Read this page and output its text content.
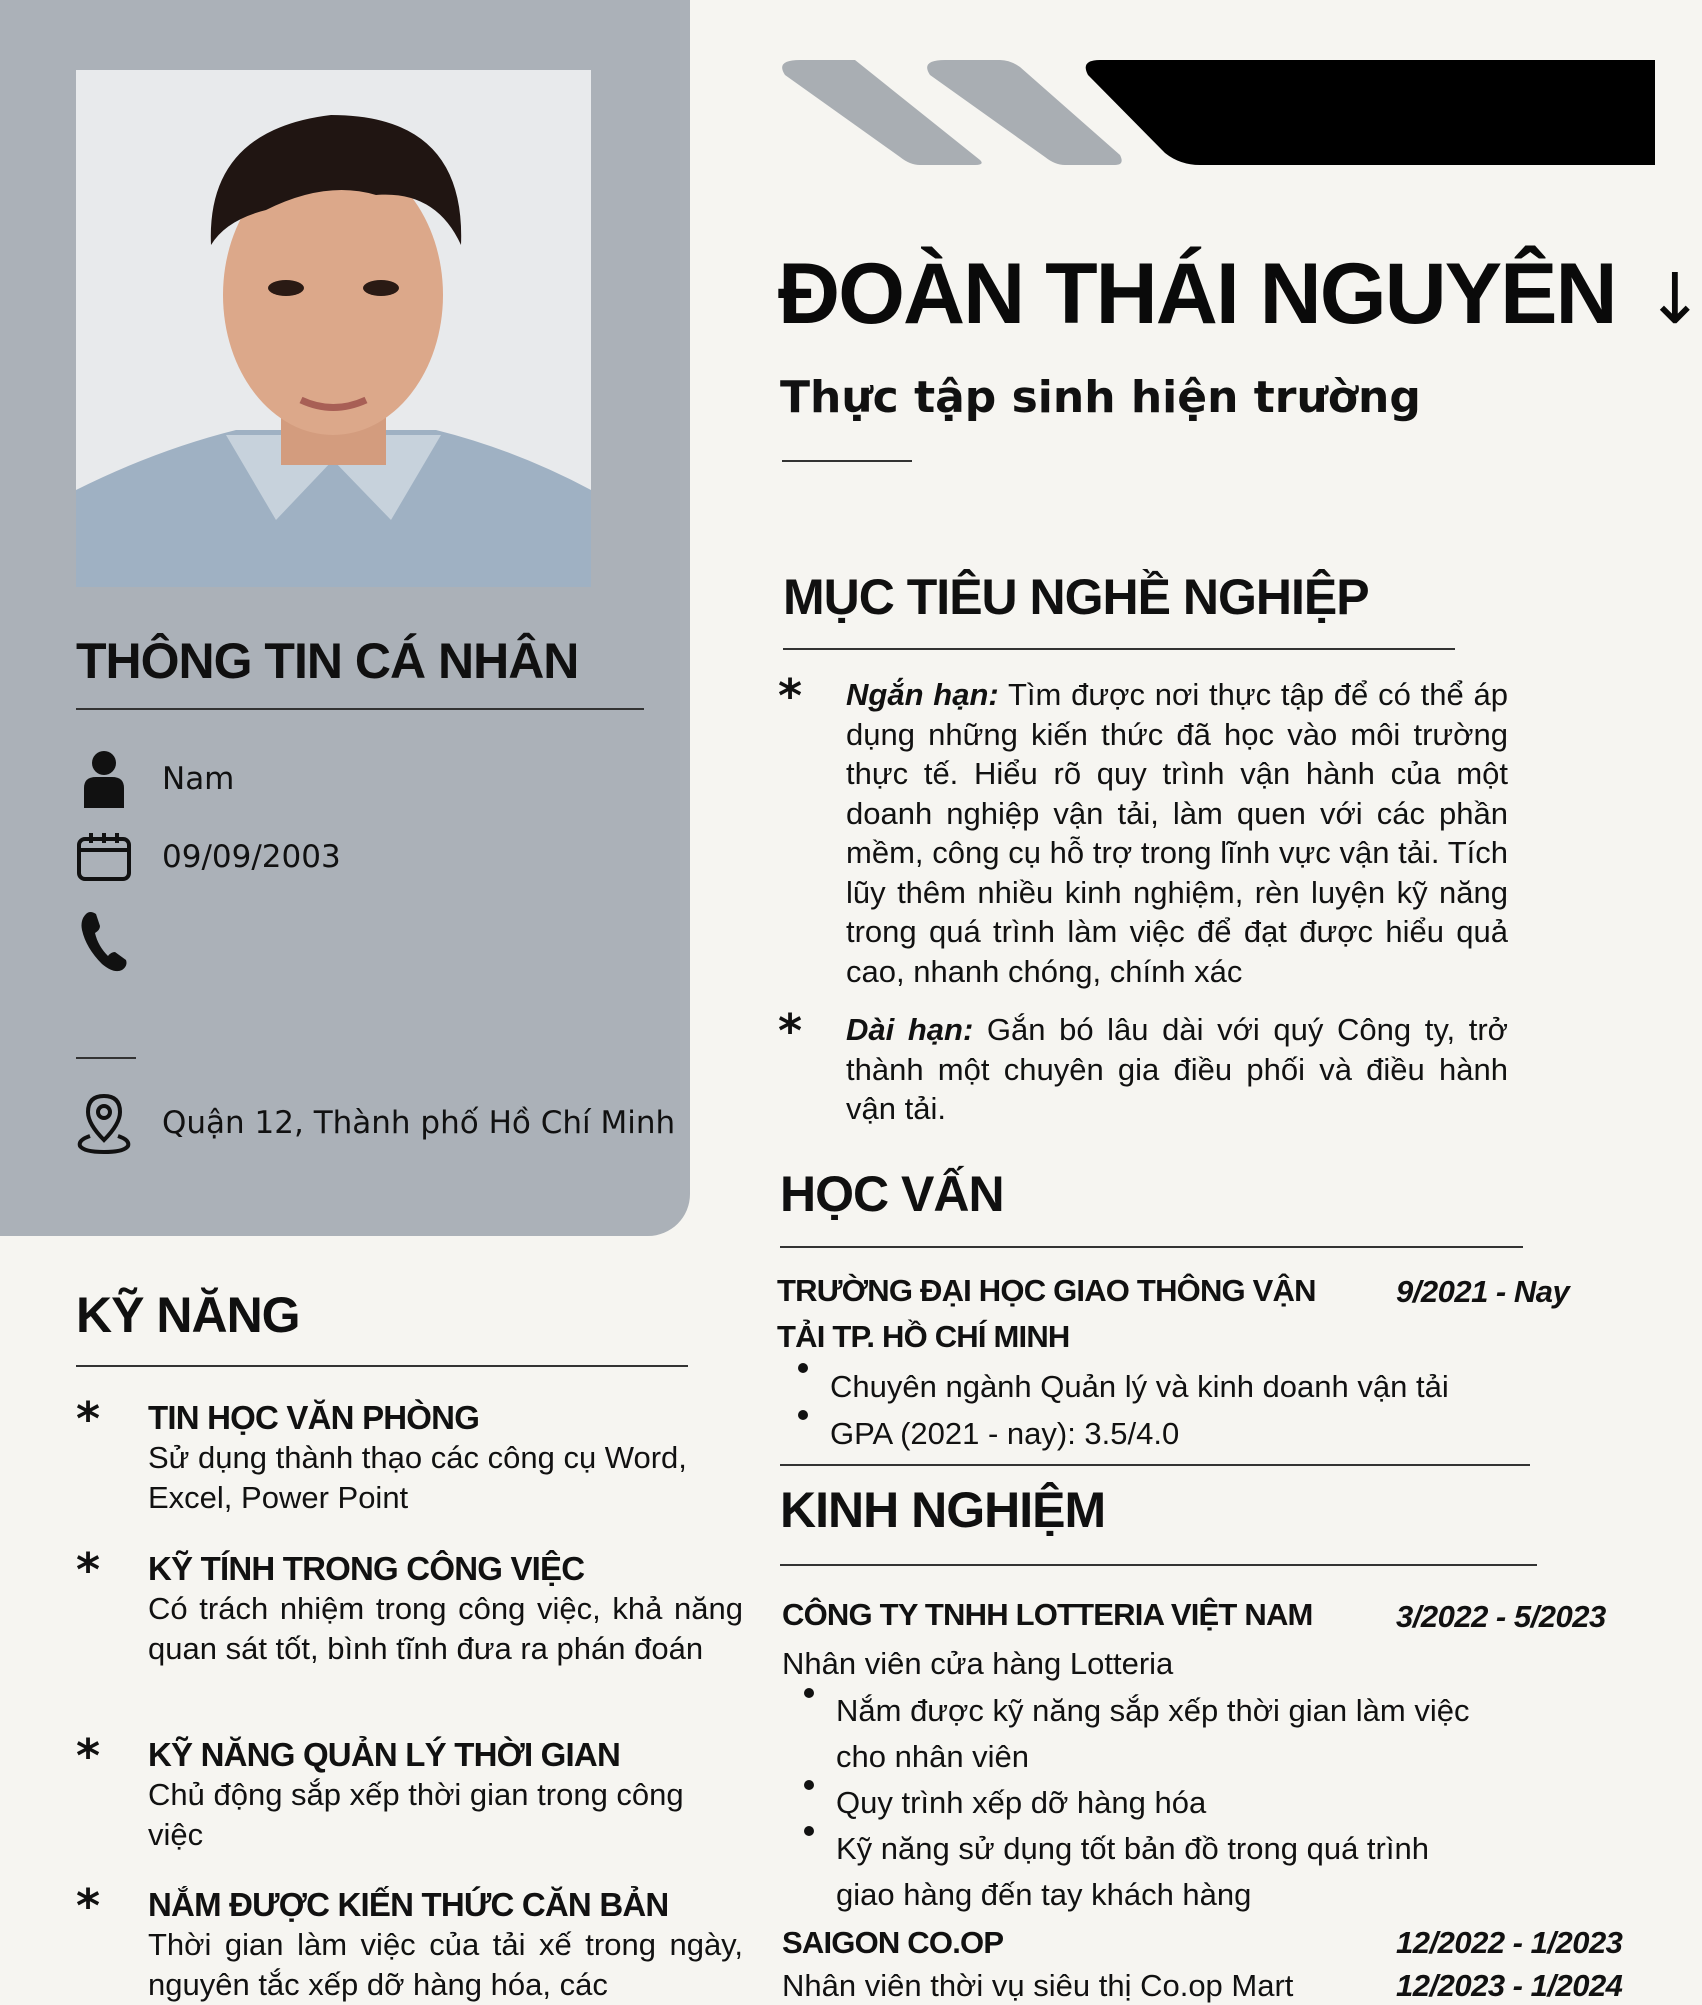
THÔNG TIN CÁ NHÂN
Nam
09/09/2003
Quận 12, Thành phố Hồ Chí Minh
KỸ NĂNG
* TIN HỌC VĂN PHÒNG
Sử dụng thành thạo các công cụ Word, Excel, Power Point
* KỸ TÍNH TRONG CÔNG VIỆC
Có trách nhiệm trong công việc, khả năng quan sát tốt, bình tĩnh đưa ra phán đoán
* KỸ NĂNG QUẢN LÝ THỜI GIAN
Chủ động sắp xếp thời gian trong công việc
* NẮM ĐƯỢC KIẾN THỨC CĂN BẢN
Thời gian làm việc của tải xế trong ngày, nguyên tắc xếp dỡ hàng hóa, các
ĐOÀN THÁI NGUYÊN ↓
Thực tập sinh hiện trường
MỤC TIÊU NGHỀ NGHIỆP
* Ngắn hạn: Tìm được nơi thực tập để có thể áp dụng những kiến thức đã học vào môi trường thực tế. Hiểu rõ quy trình vận hành của một doanh nghiệp vận tải, làm quen với các phần mềm, công cụ hỗ trợ trong lĩnh vực vận tải. Tích lũy thêm nhiều kinh nghiệm, rèn luyện kỹ năng trong quá trình làm việc để đạt được hiểu quả cao, nhanh chóng, chính xác

* Dài hạn: Gắn bó lâu dài với quý Công ty, trở thành một chuyên gia điều phối và điều hành vận tải.

HỌC VẤN
TRƯỜNG ĐẠI HỌC GIAO THÔNG VẬN TẢI TP. HỒ CHÍ MINH
9/2021 - Nay
Chuyên ngành Quản lý và kinh doanh vận tải
GPA (2021 - nay): 3.5/4.0
KINH NGHIỆM
CÔNG TY TNHH LOTTERIA VIỆT NAM	3/2022 - 5/2023
Nhân viên cửa hàng Lotteria
Nắm được kỹ năng sắp xếp thời gian làm việc cho nhân viên
Quy trình xếp dỡ hàng hóa
Kỹ năng sử dụng tốt bản đồ trong quá trình giao hàng đến tay khách hàng
SAIGON CO.OP	12/2022 - 1/2023
Nhân viên thời vụ siêu thị Co.op Mart	12/2023 - 1/2024
